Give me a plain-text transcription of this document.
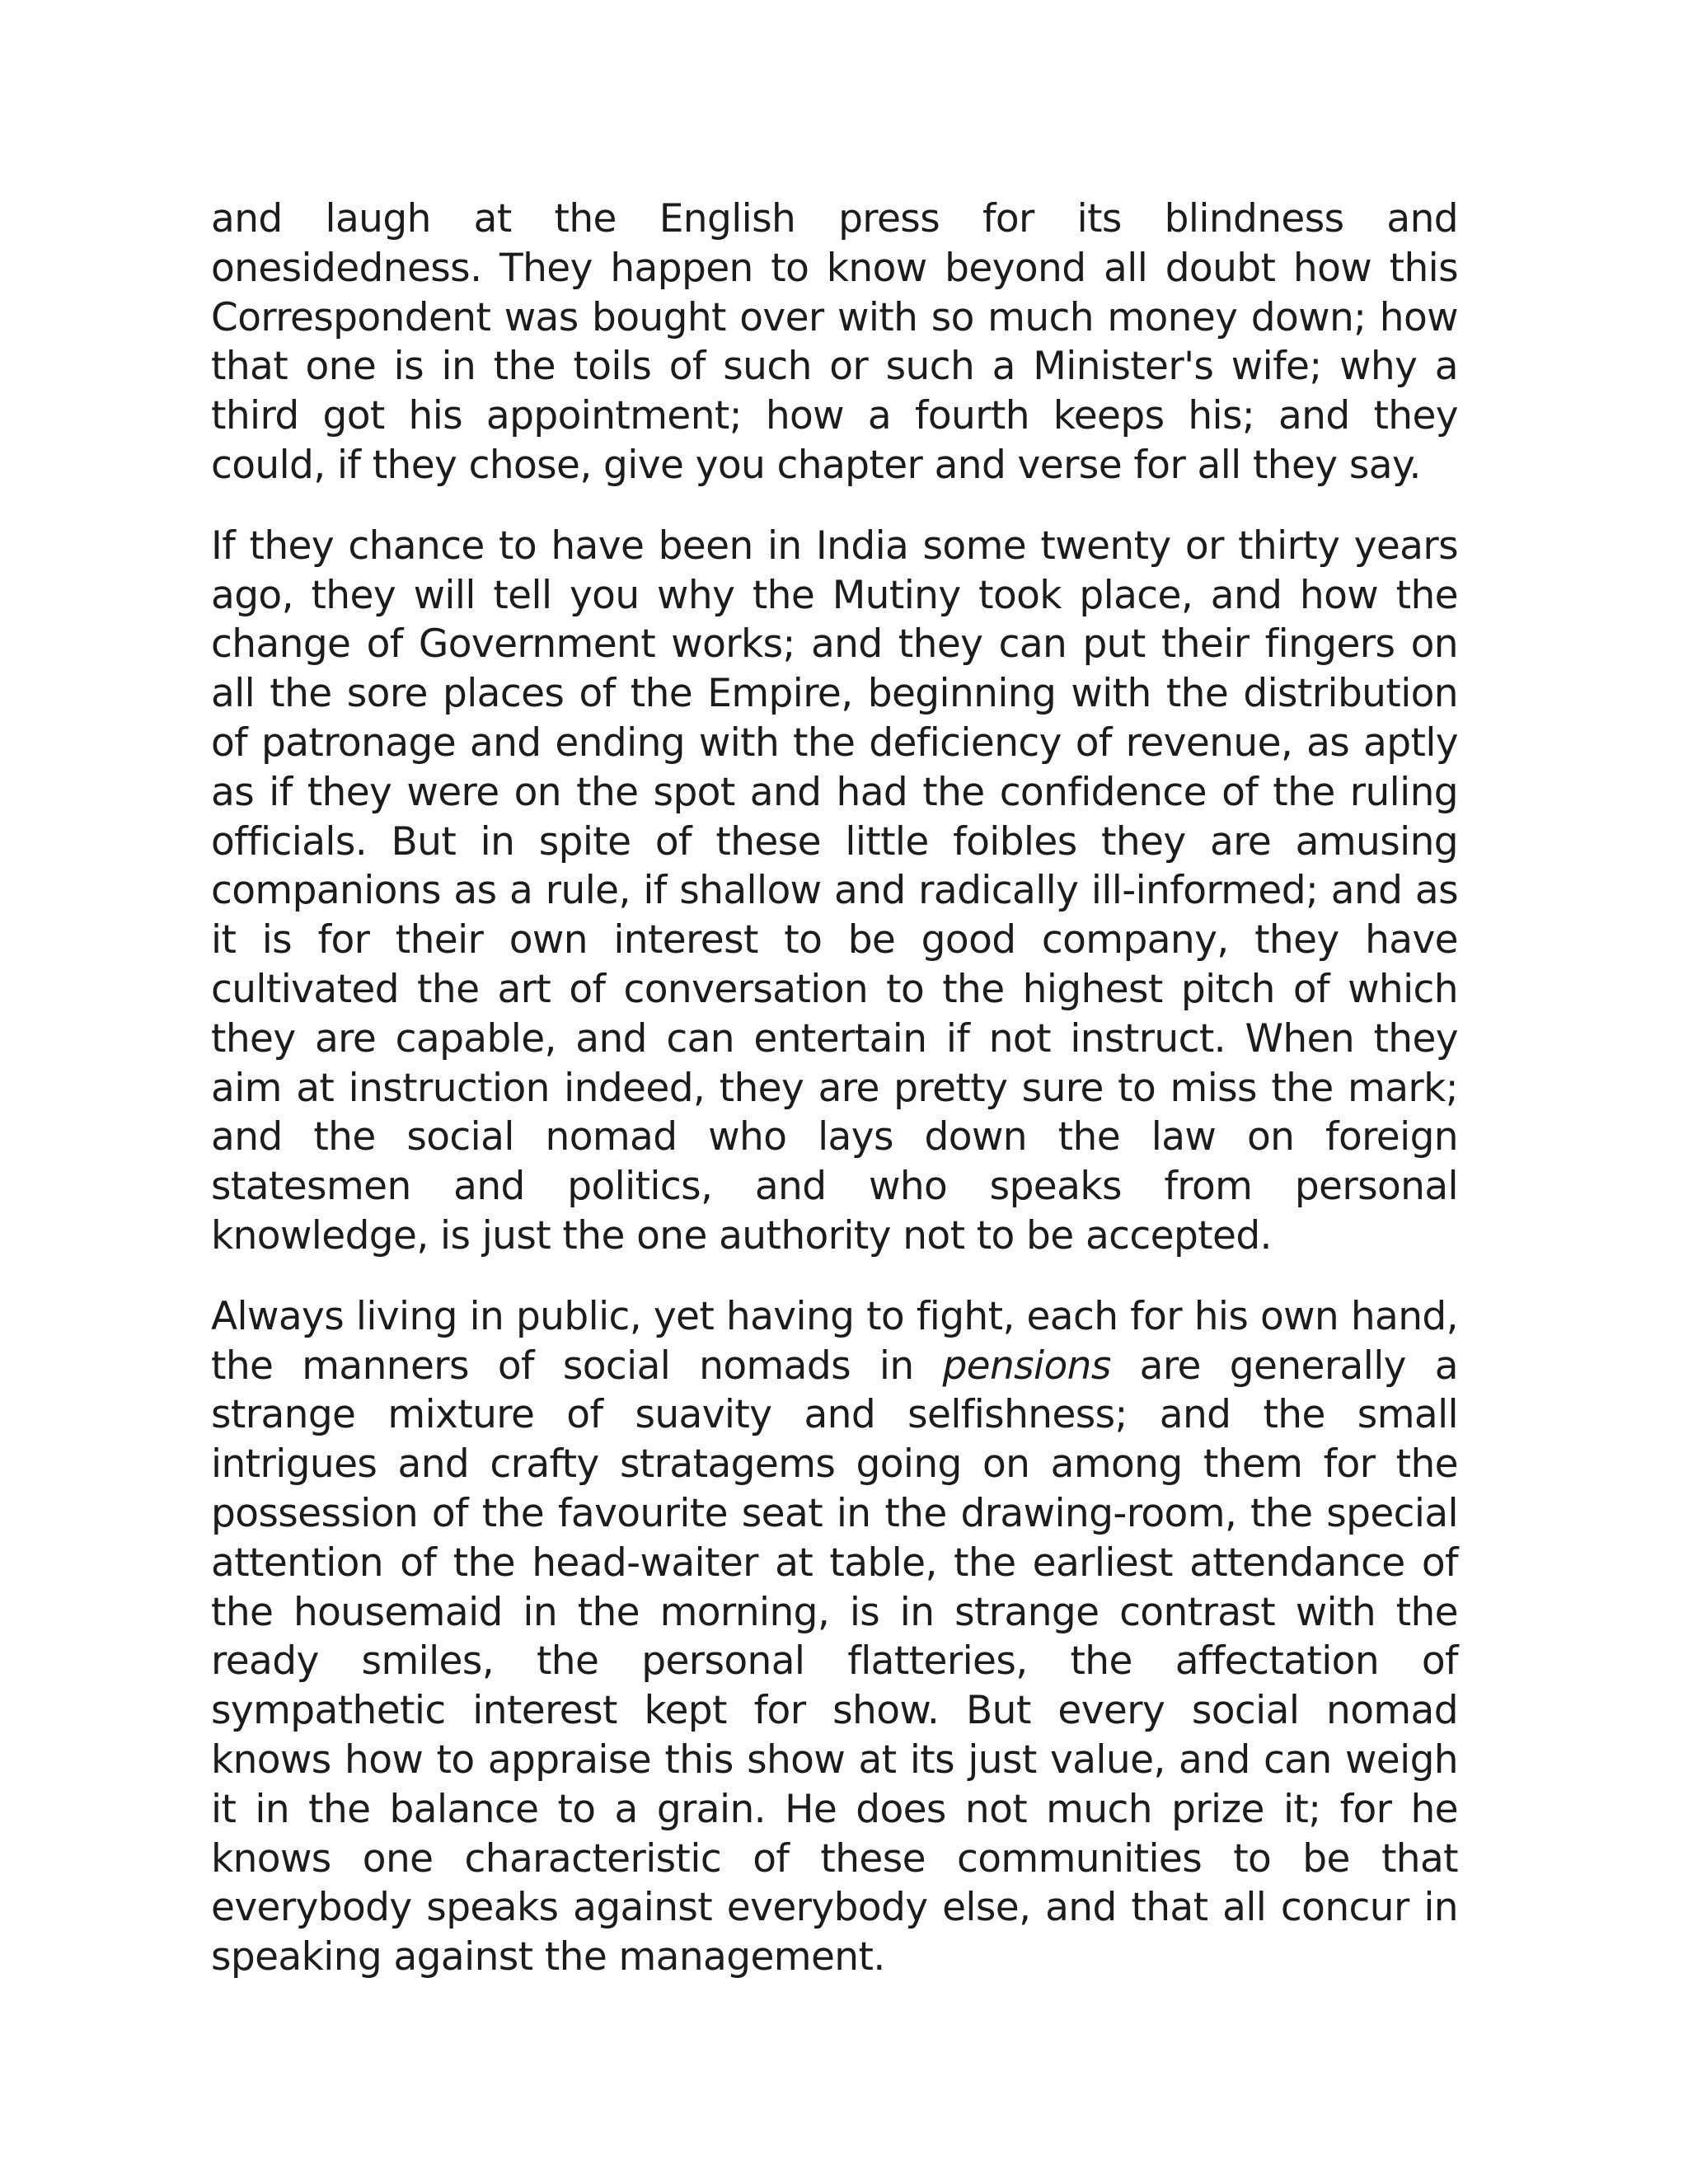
and laugh at the English press for its blindness and onesidedness. They happen to know beyond all doubt how this Correspondent was bought over with so much money down; how that one is in the toils of such or such a Minister's wife; why a third got his appointment; how a fourth keeps his; and they could, if they chose, give you chapter and verse for all they say.

If they chance to have been in India some twenty or thirty years ago, they will tell you why the Mutiny took place, and how the change of Government works; and they can put their fingers on all the sore places of the Empire, beginning with the distribution of patronage and ending with the deficiency of revenue, as aptly as if they were on the spot and had the confidence of the ruling officials. But in spite of these little foibles they are amusing companions as a rule, if shallow and radically ill-informed; and as it is for their own interest to be good company, they have cultivated the art of conversation to the highest pitch of which they are capable, and can entertain if not instruct. When they aim at instruction indeed, they are pretty sure to miss the mark; and the social nomad who lays down the law on foreign statesmen and politics, and who speaks from personal knowledge, is just the one authority not to be accepted.

Always living in public, yet having to fight, each for his own hand, the manners of social nomads in pensions are generally a strange mixture of suavity and selfishness; and the small intrigues and crafty stratagems going on among them for the possession of the favourite seat in the drawing-room, the special attention of the head-waiter at table, the earliest attendance of the housemaid in the morning, is in strange contrast with the ready smiles, the personal flatteries, the affectation of sympathetic interest kept for show. But every social nomad knows how to appraise this show at its just value, and can weigh it in the balance to a grain. He does not much prize it; for he knows one characteristic of these communities to be that everybody speaks against everybody else, and that all concur in speaking against the management.
